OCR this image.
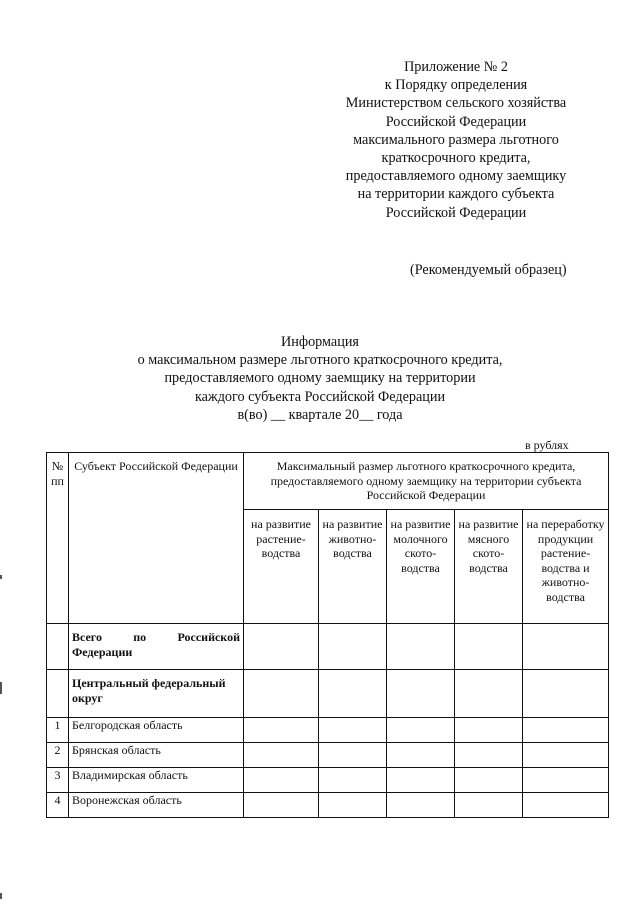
Приложение № 2
к Порядку определения
Министерством сельского хозяйства
Российской Федерации
максимального размера льготного
краткосрочного кредита,
предоставляемого одному заемщику
на территории каждого субъекта
Российской Федерации
(Рекомендуемый образец)
Информация
о максимальном размере льготного краткосрочного кредита,
предоставляемого одному заемщику на территории
каждого субъекта Российской Федерации
в(во) __ квартале 20__ года
в рублях
№ пп	Субъект Российской Федерации	Максимальный размер льготного краткосрочного кредита, предоставляемого одному заемщику на территории субъекта Российской Федерации				
		на развитие растение-водства	на развитие животно-водства	на развитие молочного ското-водства	на развитие мясного ското-водства	на переработку продукции растение-водства и животно-водства

	Всего по Российской
Федерации					

	Центральный федеральный округ					
1	Белгородская область					
2	Брянская область					
3	Владимирская область					
4	Воронежская область					
